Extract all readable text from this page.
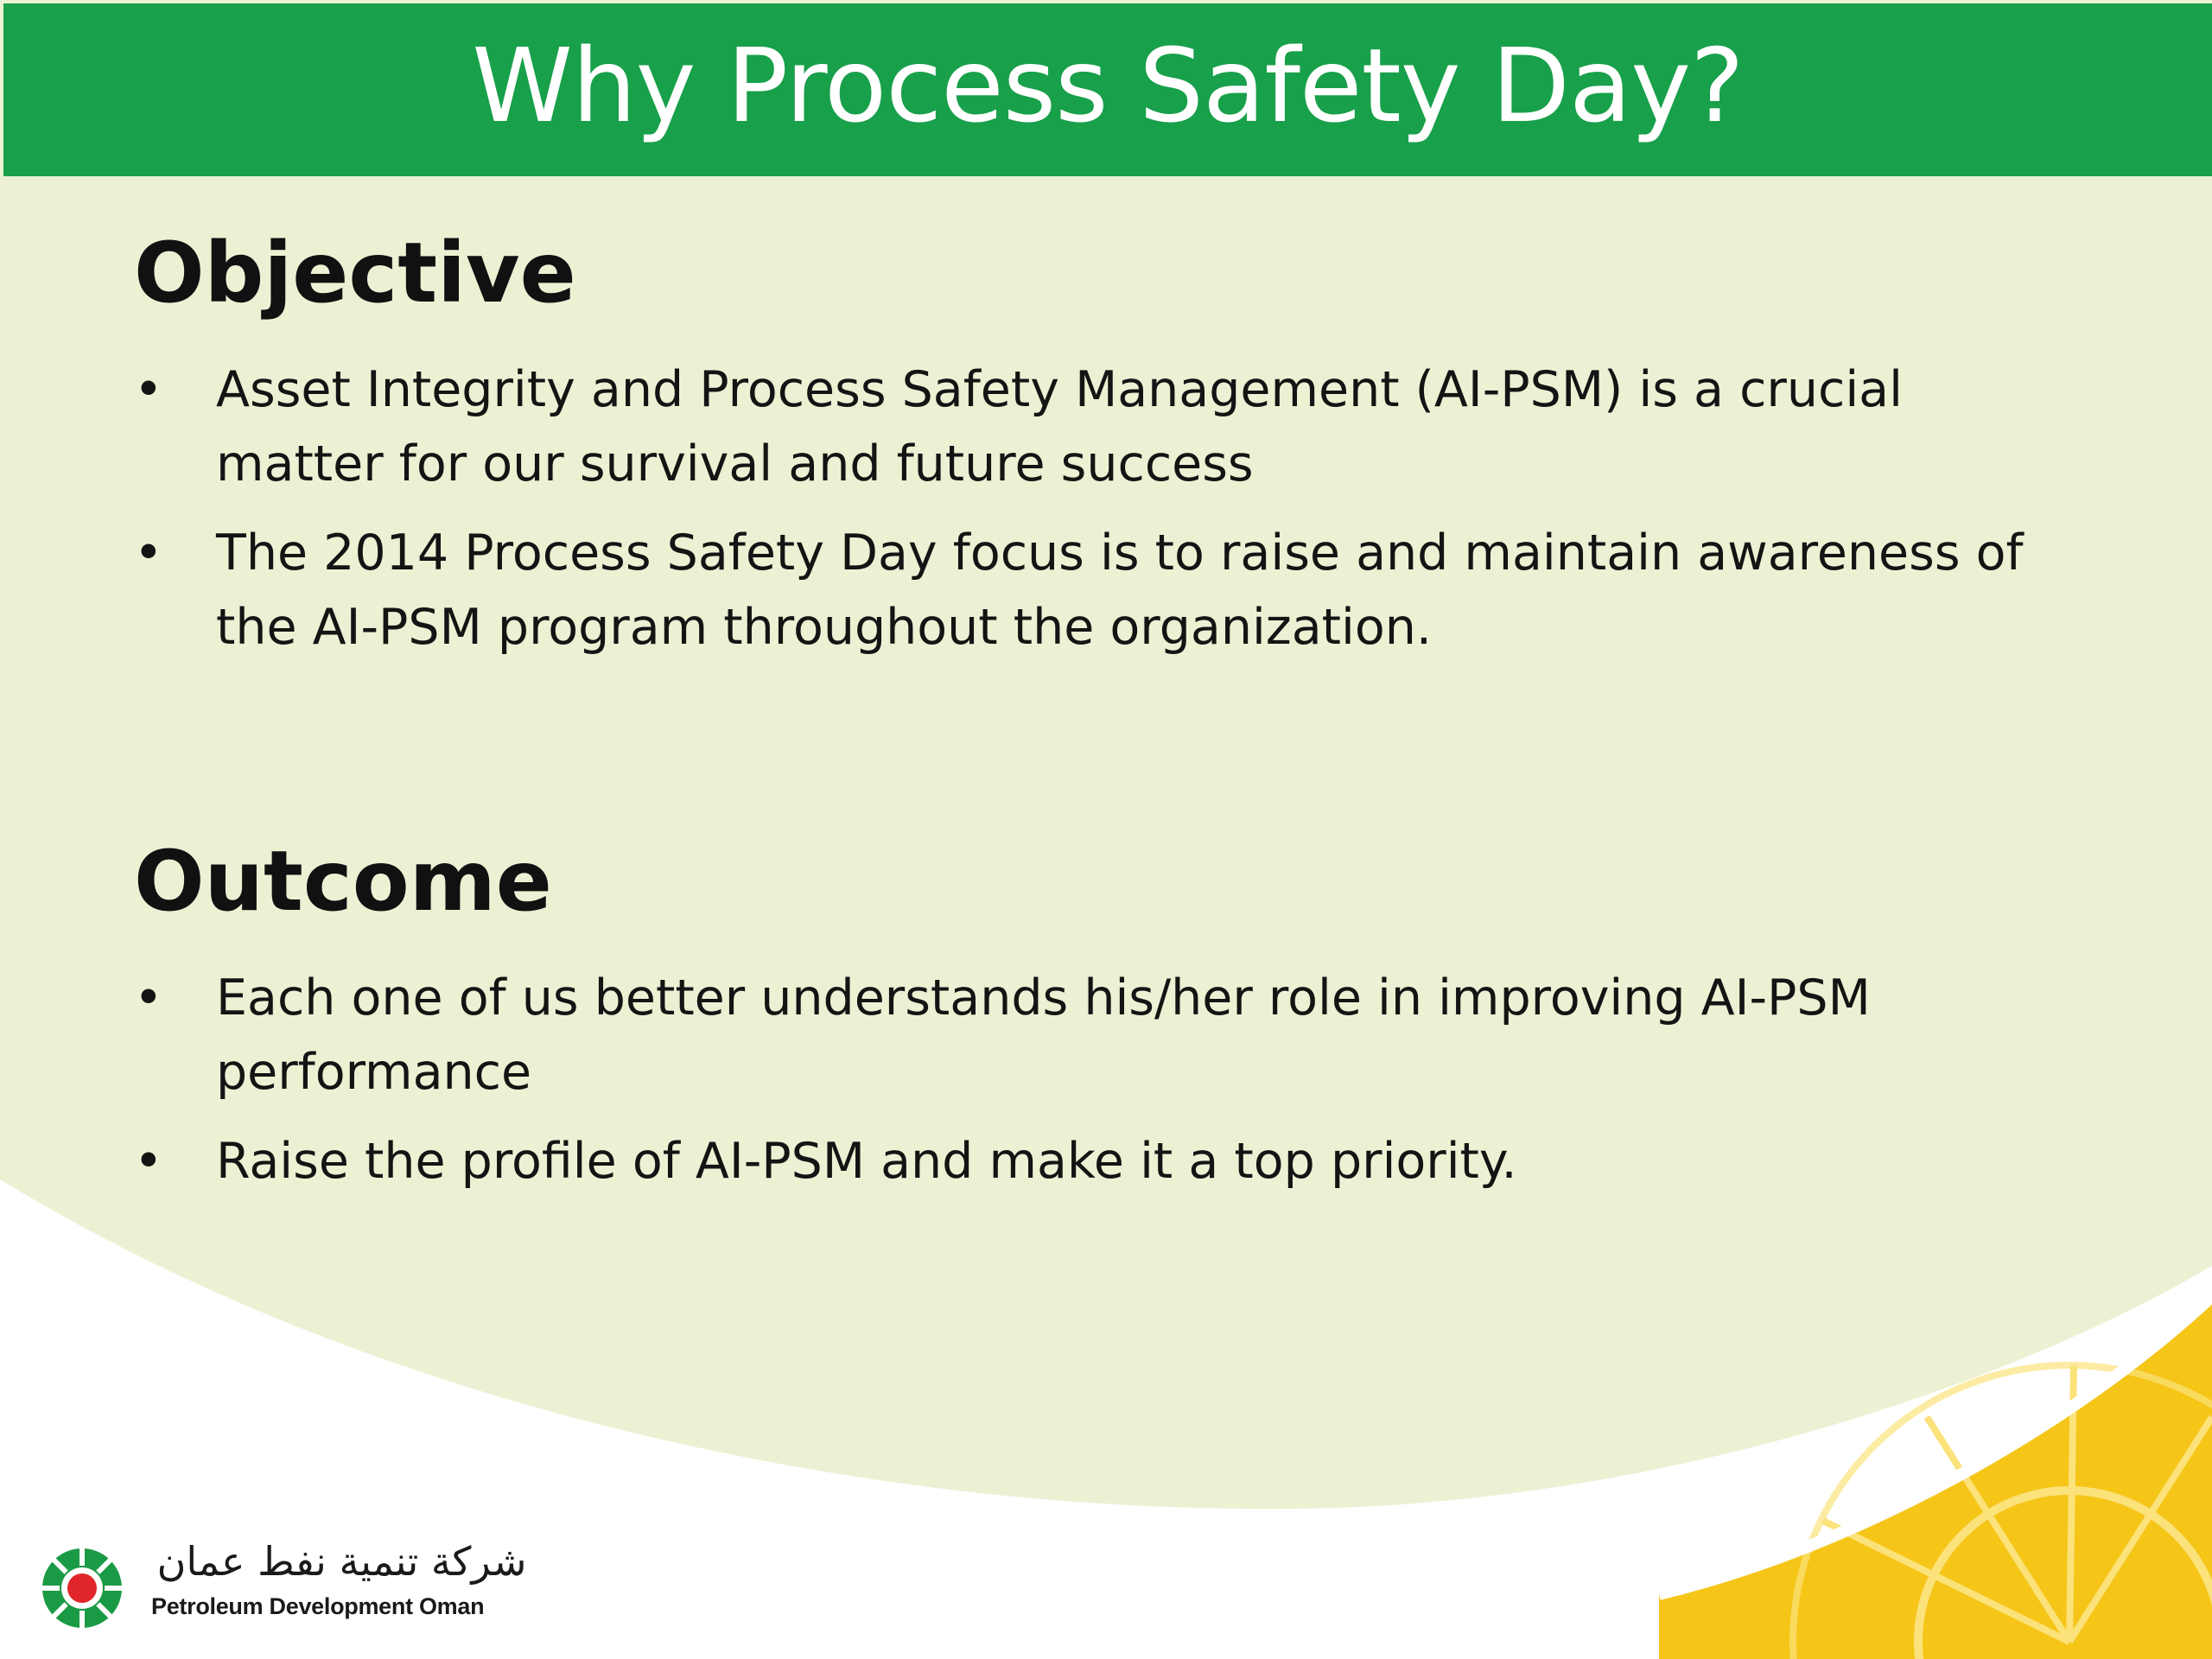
Why Process Safety Day?
Objective
• Asset Integrity and Process Safety Management (AI-PSM) is a crucial
matter for our survival and future success
• The 2014 Process Safety Day focus is to raise and maintain awareness of
the AI-PSM program throughout the organization.
Outcome
• Each one of us better understands his/her role in improving AI-PSM
performance
• Raise the profile of AI-PSM and make it a top priority.
شركة تنمية نفط عمان
Petroleum Development Oman
